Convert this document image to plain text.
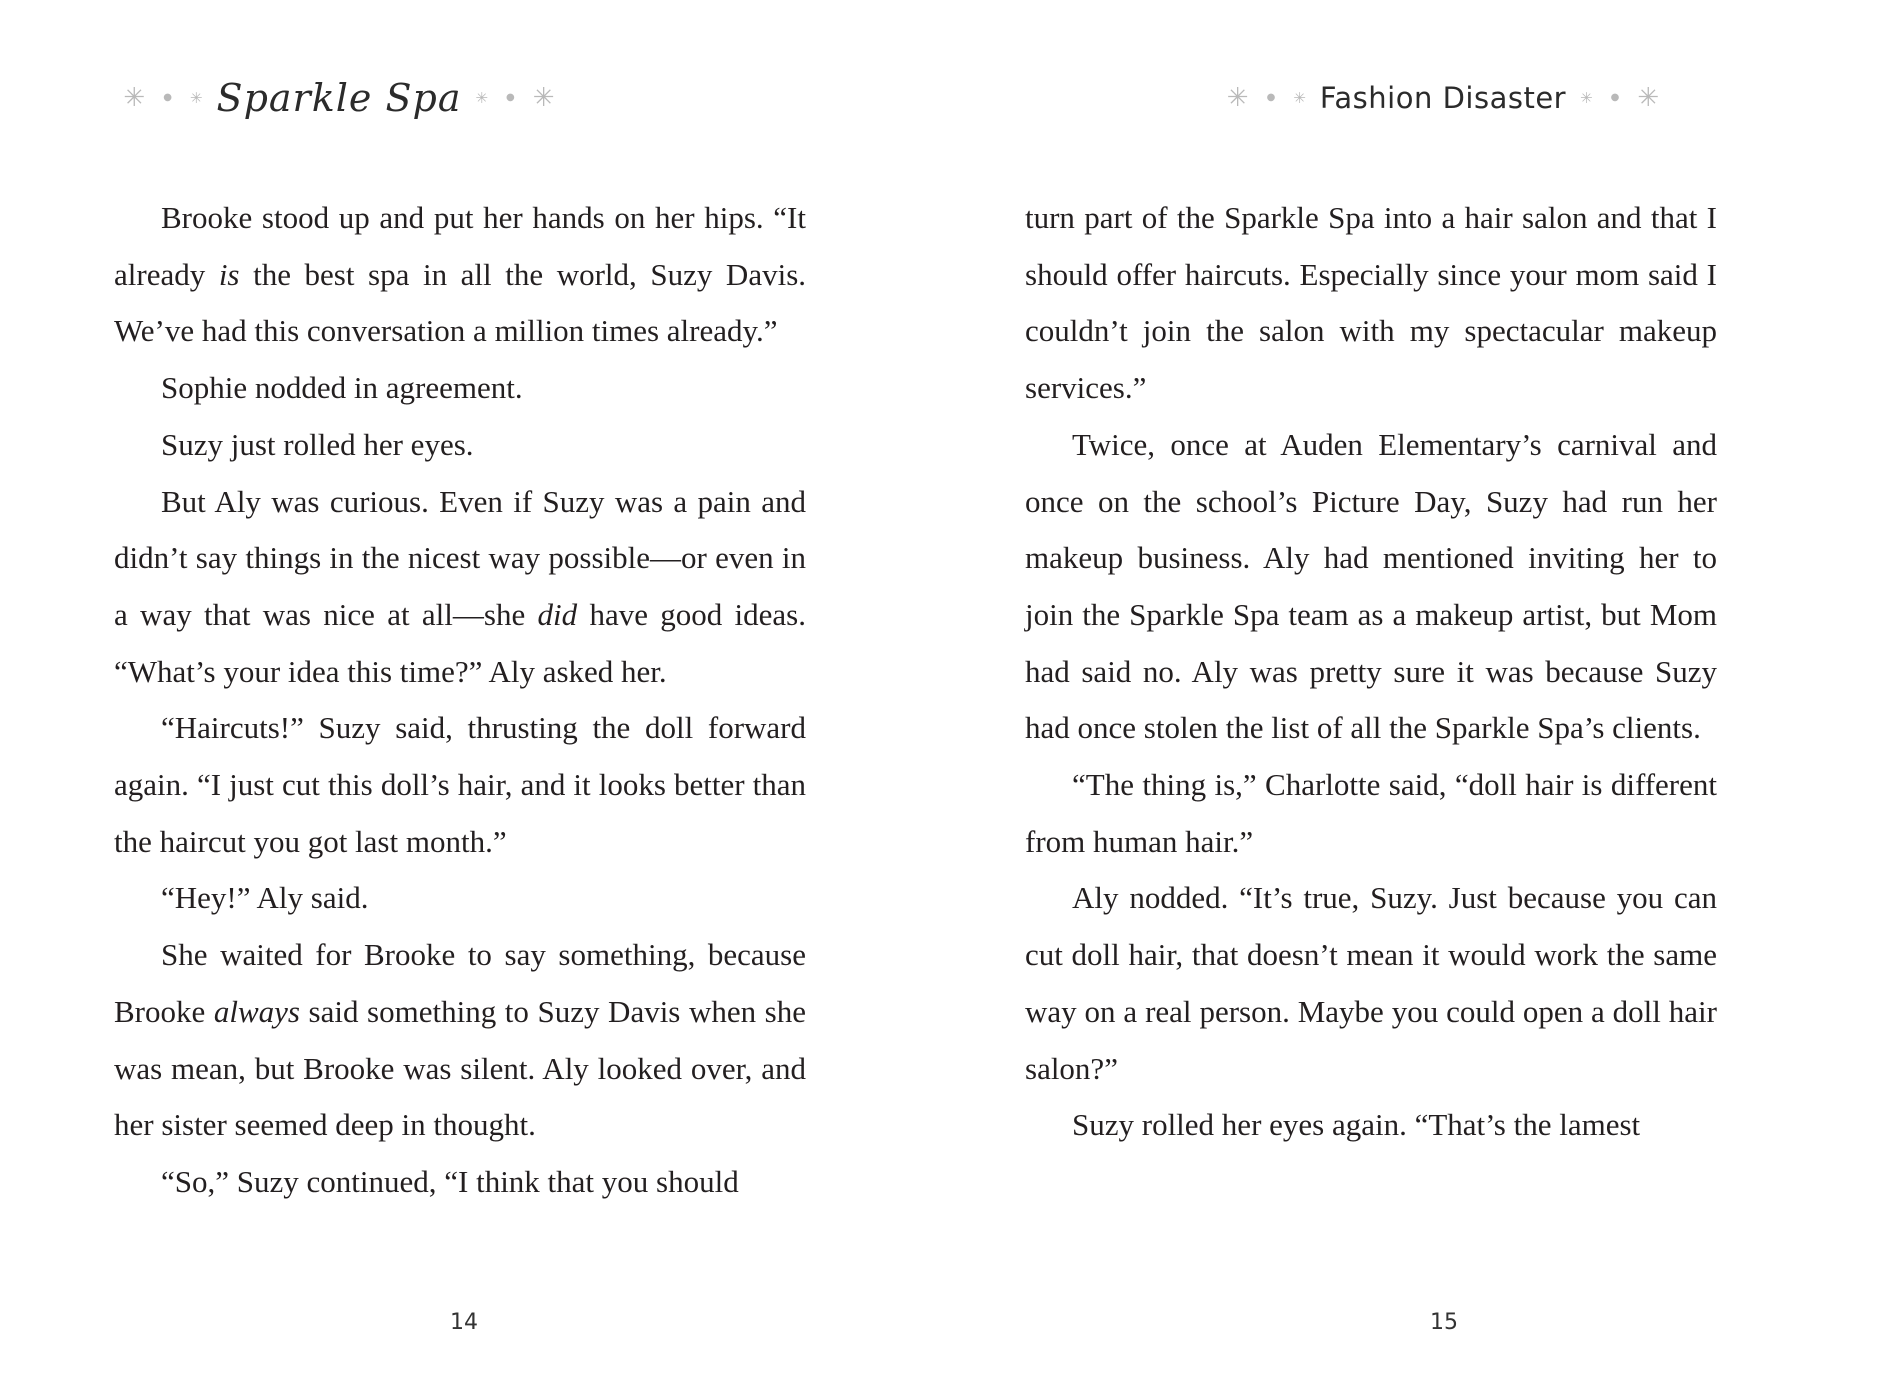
✳ ● ✳ Sparkle Spa ✳ ● ✳

Brooke stood up and put her hands on her hips. “It already is the best spa in all the world, Suzy Davis. We’ve had this conversation a million times already.”

Sophie nodded in agreement.

Suzy just rolled her eyes.

But Aly was curious. Even if Suzy was a pain and didn’t say things in the nicest way possible—or even in a way that was nice at all—she did have good ideas. “What’s your idea this time?” Aly asked her.

“Haircuts!” Suzy said, thrusting the doll forward again. “I just cut this doll’s hair, and it looks better than the haircut you got last month.”

“Hey!” Aly said.

She waited for Brooke to say something, because Brooke always said something to Suzy Davis when she was mean, but Brooke was silent. Aly looked over, and her sister seemed deep in thought.

“So,” Suzy continued, “I think that you should

14
✳ ● ✳ Fashion Disaster ✳ ● ✳

turn part of the Sparkle Spa into a hair salon and that I should offer haircuts. Especially since your mom said I couldn’t join the salon with my spectacular makeup services.”

Twice, once at Auden Elementary’s carnival and once on the school’s Picture Day, Suzy had run her makeup business. Aly had mentioned inviting her to join the Sparkle Spa team as a makeup artist, but Mom had said no. Aly was pretty sure it was because Suzy had once stolen the list of all the Sparkle Spa’s clients.

“The thing is,” Charlotte said, “doll hair is different from human hair.”

Aly nodded. “It’s true, Suzy. Just because you can cut doll hair, that doesn’t mean it would work the same way on a real person. Maybe you could open a doll hair salon?”

Suzy rolled her eyes again. “That’s the lamest

15
